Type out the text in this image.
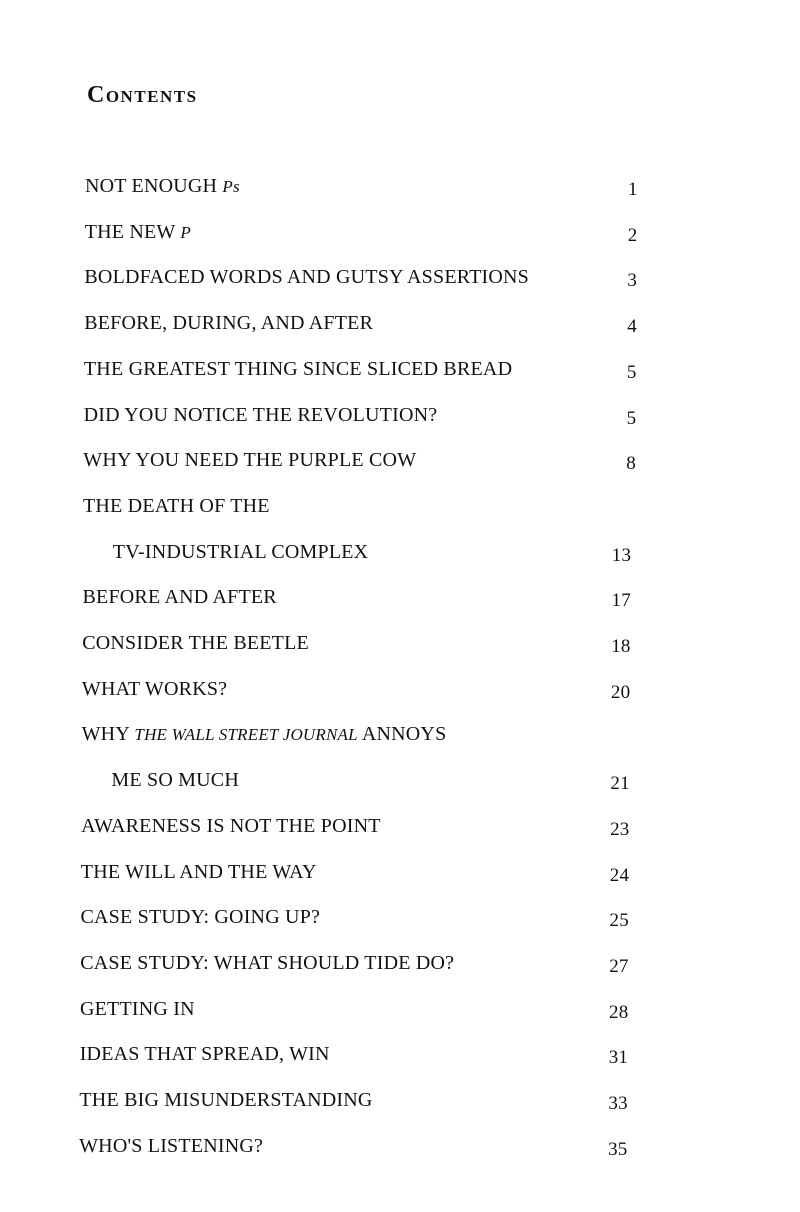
Contents
NOT ENOUGH Ps	1
THE NEW P	2
BOLDFACED WORDS AND GUTSY ASSERTIONS	3
BEFORE, DURING, AND AFTER	4
THE GREATEST THING SINCE SLICED BREAD	5
DID YOU NOTICE THE REVOLUTION?	5
WHY YOU NEED THE PURPLE COW	8
THE DEATH OF THE
TV-INDUSTRIAL COMPLEX	13
BEFORE AND AFTER	17
CONSIDER THE BEETLE	18
WHAT WORKS?	20
WHY THE WALL STREET JOURNAL ANNOYS
ME SO MUCH	21
AWARENESS IS NOT THE POINT	23
THE WILL AND THE WAY	24
CASE STUDY: GOING UP?	25
CASE STUDY: WHAT SHOULD TIDE DO?	27
GETTING IN	28
IDEAS THAT SPREAD, WIN	31
THE BIG MISUNDERSTANDING	33
WHO'S LISTENING?	35
